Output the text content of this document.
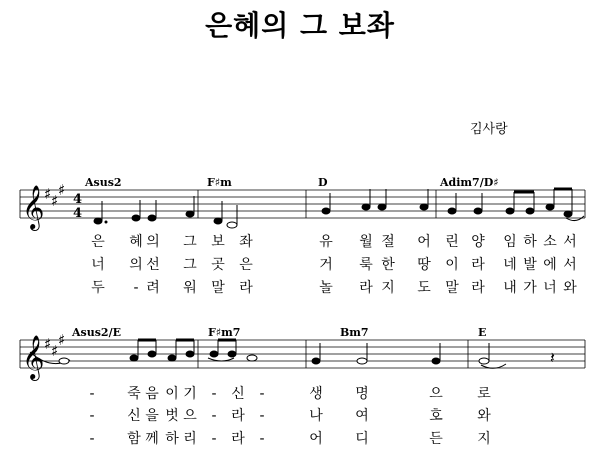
은혜의 그 보좌
김사랑
𝄞 ♯ ♯
♯
4
4
Asus2	F♯m	D	Adim7/D♯
𝄞 ♯ ♯
♯ Asus2/E	F♯m7	Bm7	E
𝄽
은 혜 의 그 보 좌	유 월 절 어 린 양 임 하 소 서
너 의 선 그 곳 은	거 룩 한 땅 이 라 네 발 에 서
두 - 려 워 말 라	놀 라 지 도 말 라 내 가 너 와
- 죽 음 이 기 - 신 -	생 명	으 로
- 신 을 벗 으 - 라 -	나 여	호 와
- 함 께 하 리 - 라 -	어 디	든 지
